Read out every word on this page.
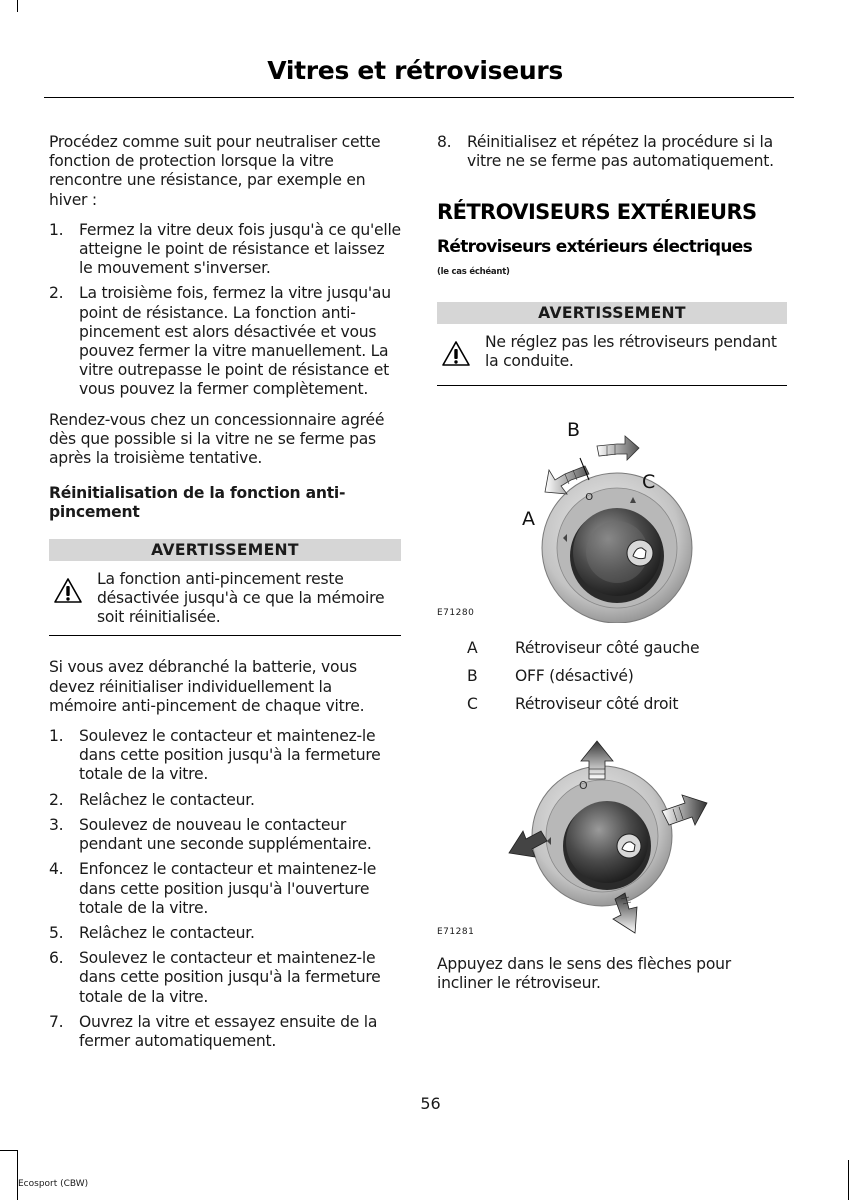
Vitres et rétroviseurs

Procédez comme suit pour neutraliser cette fonction de protection lorsque la vitre rencontre une résistance, par exemple en hiver :

1. Fermez la vitre deux fois jusqu'à ce qu'elle atteigne le point de résistance et laissez le mouvement s'inverser.
2. La troisième fois, fermez la vitre jusqu'au point de résistance. La fonction anti-pincement est alors désactivée et vous pouvez fermer la vitre manuellement. La vitre outrepasse le point de résistance et vous pouvez la fermer complètement.

Rendez-vous chez un concessionnaire agréé dès que possible si la vitre ne se ferme pas après la troisième tentative.

Réinitialisation de la fonction anti-pincement
AVERTISSEMENT
La fonction anti-pincement reste désactivée jusqu'à ce que la mémoire soit réinitialisée.

Si vous avez débranché la batterie, vous devez réinitialiser individuellement la mémoire anti-pincement de chaque vitre.

1. Soulevez le contacteur et maintenez-le dans cette position jusqu'à la fermeture totale de la vitre.
2. Relâchez le contacteur.
3. Soulevez de nouveau le contacteur pendant une seconde supplémentaire.
4. Enfoncez le contacteur et maintenez-le dans cette position jusqu'à l'ouverture totale de la vitre.
5. Relâchez le contacteur.
6. Soulevez le contacteur et maintenez-le dans cette position jusqu'à la fermeture totale de la vitre.
7. Ouvrez la vitre et essayez ensuite de la fermer automatiquement.
8. Réinitialisez et répétez la procédure si la vitre ne se ferme pas automatiquement.
RÉTROVISEURS EXTÉRIEURS
Rétroviseurs extérieurs électriques
(le cas échéant)
AVERTISSEMENT
Ne réglez pas les rétroviseurs pendant la conduite.
O
A
B
C
E71280
A	Rétroviseur côté gauche
B	OFF (désactivé)
C	Rétroviseur côté droit
O
E71281

Appuyez dans le sens des flèches pour incliner le rétroviseur.

56
Ecosport (CBW)
